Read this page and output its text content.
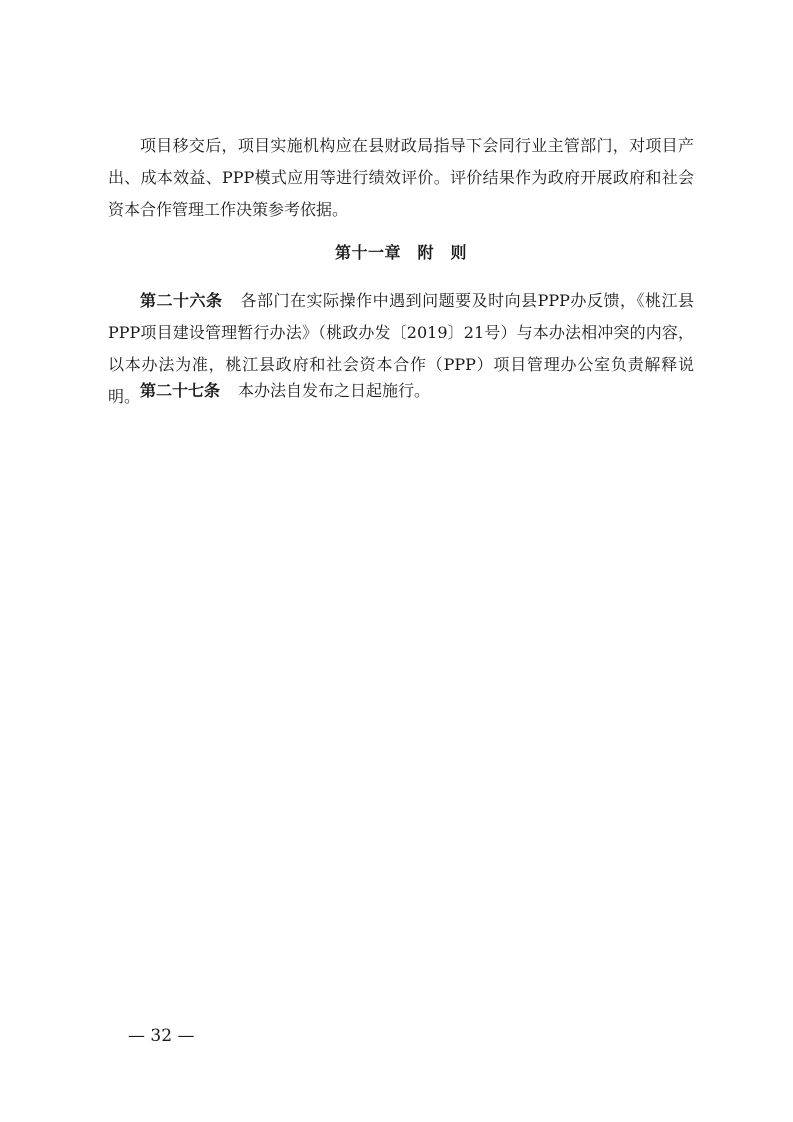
项目移交后，项目实施机构应在县财政局指导下会同行业主管部门，对项目产出、成本效益、PPP模式应用等进行绩效评价。评价结果作为政府开展政府和社会资本合作管理工作决策参考依据。

第十一章　附　则

第二十六条 各部门在实际操作中遇到问题要及时向县PPP办反馈，《桃江县PPP项目建设管理暂行办法》（桃政办发〔2019〕21号）与本办法相冲突的内容，以本办法为准，桃江县政府和社会资本合作（PPP）项目管理办公室负责解释说明。 第二十七条 本办法自发布之日起施行。

— 32 —
